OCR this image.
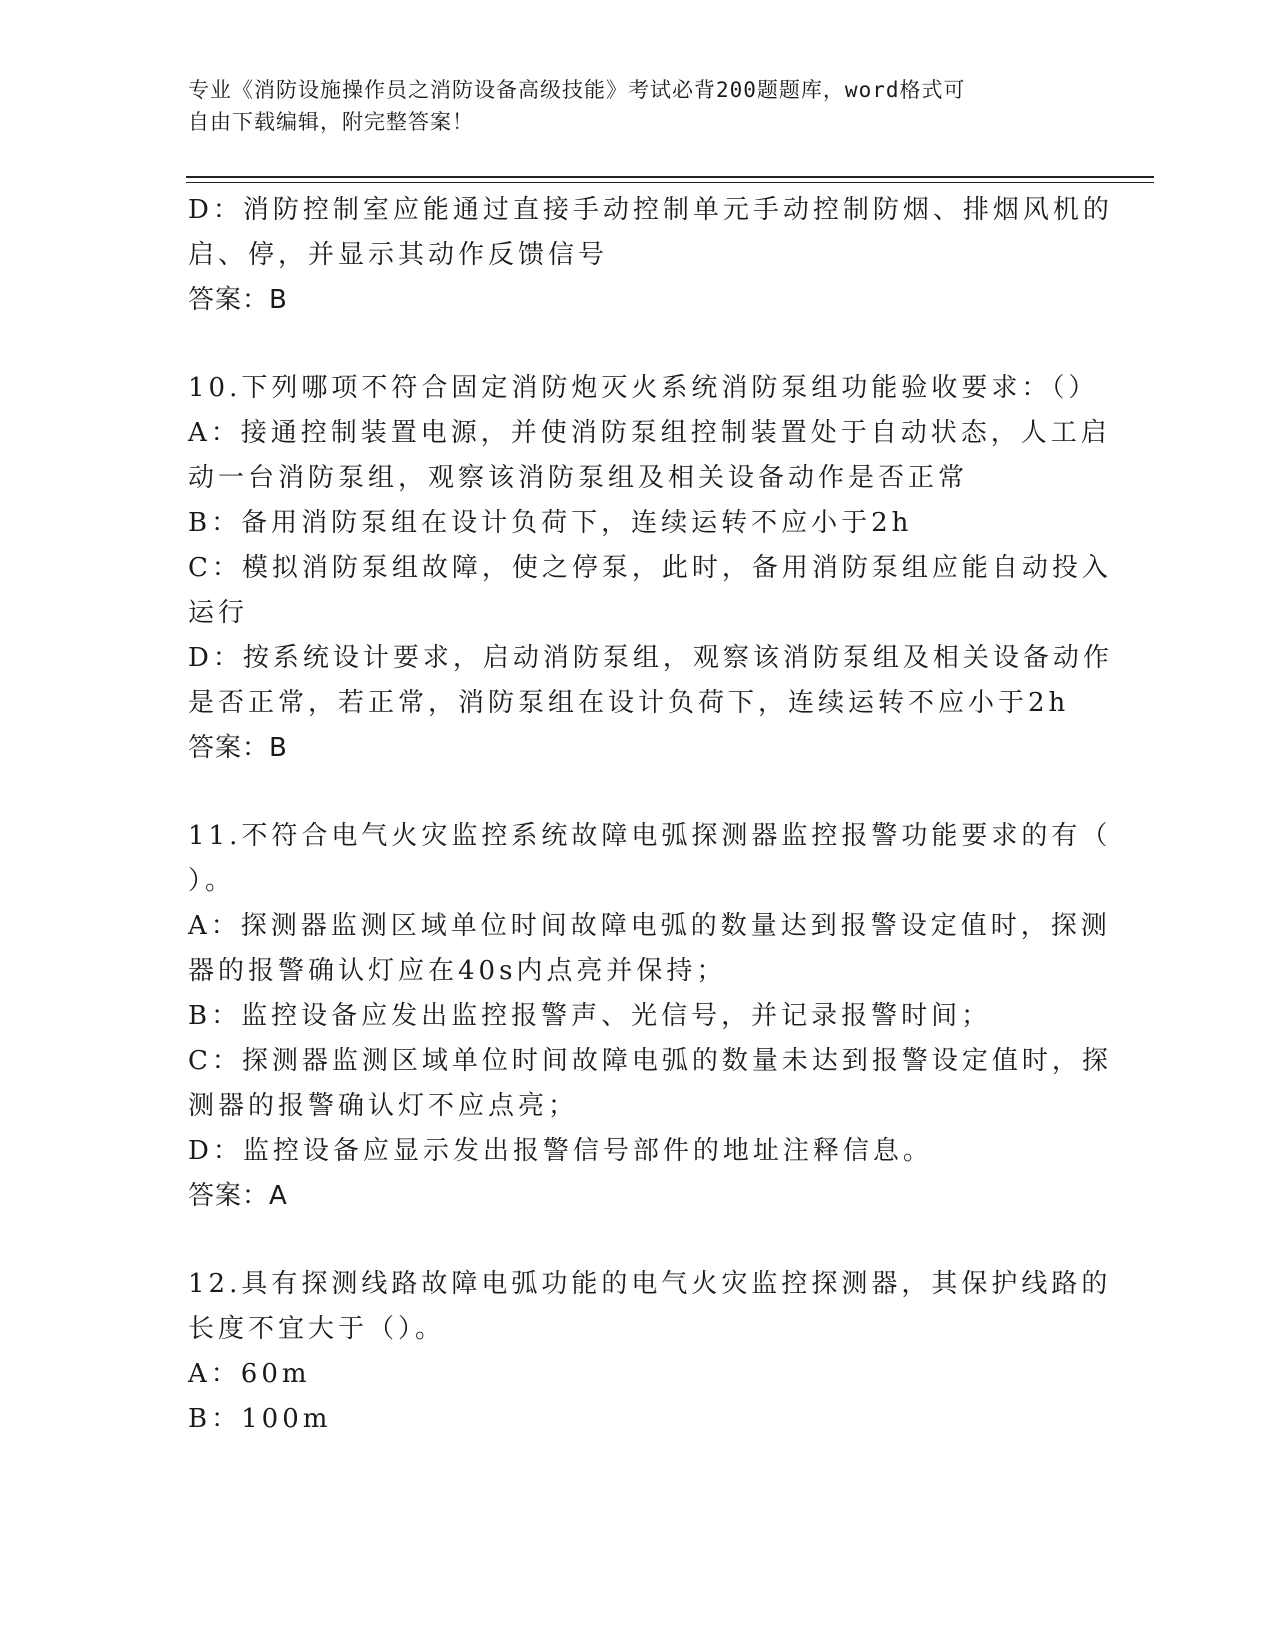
专业《消防设施操作员之消防设备高级技能》考试必背200题题库，word格式可
自由下载编辑，附完整答案！
D：消防控制室应能通过直接手动控制单元手动控制防烟、排烟风机的
启、停，并显示其动作反馈信号
答案：B
10.下列哪项不符合固定消防炮灭火系统消防泵组功能验收要求：（）
A：接通控制装置电源，并使消防泵组控制装置处于自动状态，人工启
动一台消防泵组，观察该消防泵组及相关设备动作是否正常
B：备用消防泵组在设计负荷下，连续运转不应小于2h
C：模拟消防泵组故障，使之停泵，此时，备用消防泵组应能自动投入
运行
D：按系统设计要求，启动消防泵组，观察该消防泵组及相关设备动作
是否正常，若正常，消防泵组在设计负荷下，连续运转不应小于2h
答案：B
11.不符合电气火灾监控系统故障电弧探测器监控报警功能要求的有（
）。
A：探测器监测区域单位时间故障电弧的数量达到报警设定值时，探测
器的报警确认灯应在40s内点亮并保持；
B：监控设备应发出监控报警声、光信号，并记录报警时间；
C：探测器监测区域单位时间故障电弧的数量未达到报警设定值时，探
测器的报警确认灯不应点亮；
D：监控设备应显示发出报警信号部件的地址注释信息。
答案：A
12.具有探测线路故障电弧功能的电气火灾监控探测器，其保护线路的
长度不宜大于（）。
A：60m
B：100m
